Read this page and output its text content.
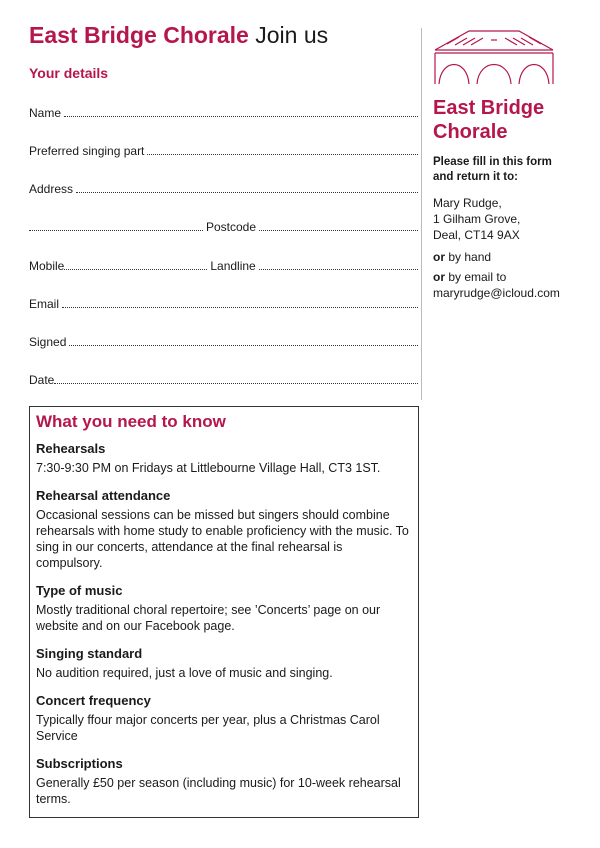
East Bridge Chorale Join us
Your details
Name
Preferred singing part
Address
Postcode
Mobile	Landline
Email
Signed
Date
East Bridge
Chorale
Please fill in this form
and return it to:
Mary Rudge,
1 Gilham Grove,
Deal, CT14 9AX
or by hand
or by email to
maryrudge@icloud.com
What you need to know
Rehearsals

7:30-9:30 PM on Fridays at Littlebourne Village Hall, CT3 1ST.

Rehearsal attendance

Occasional sessions can be missed but singers should combine rehearsals with home study to enable proficiency with the music. To sing in our concerts, attendance at the final rehearsal is compulsory.

Type of music

Mostly traditional choral repertoire; see ’Concerts’ page on our website and on our Facebook page.

Singing standard

No audition required, just a love of music and singing.

Concert frequency

Typically ffour major concerts per year, plus a Christmas Carol Service

Subscriptions

Generally £50 per season (including music) for 10-week rehearsal terms.
